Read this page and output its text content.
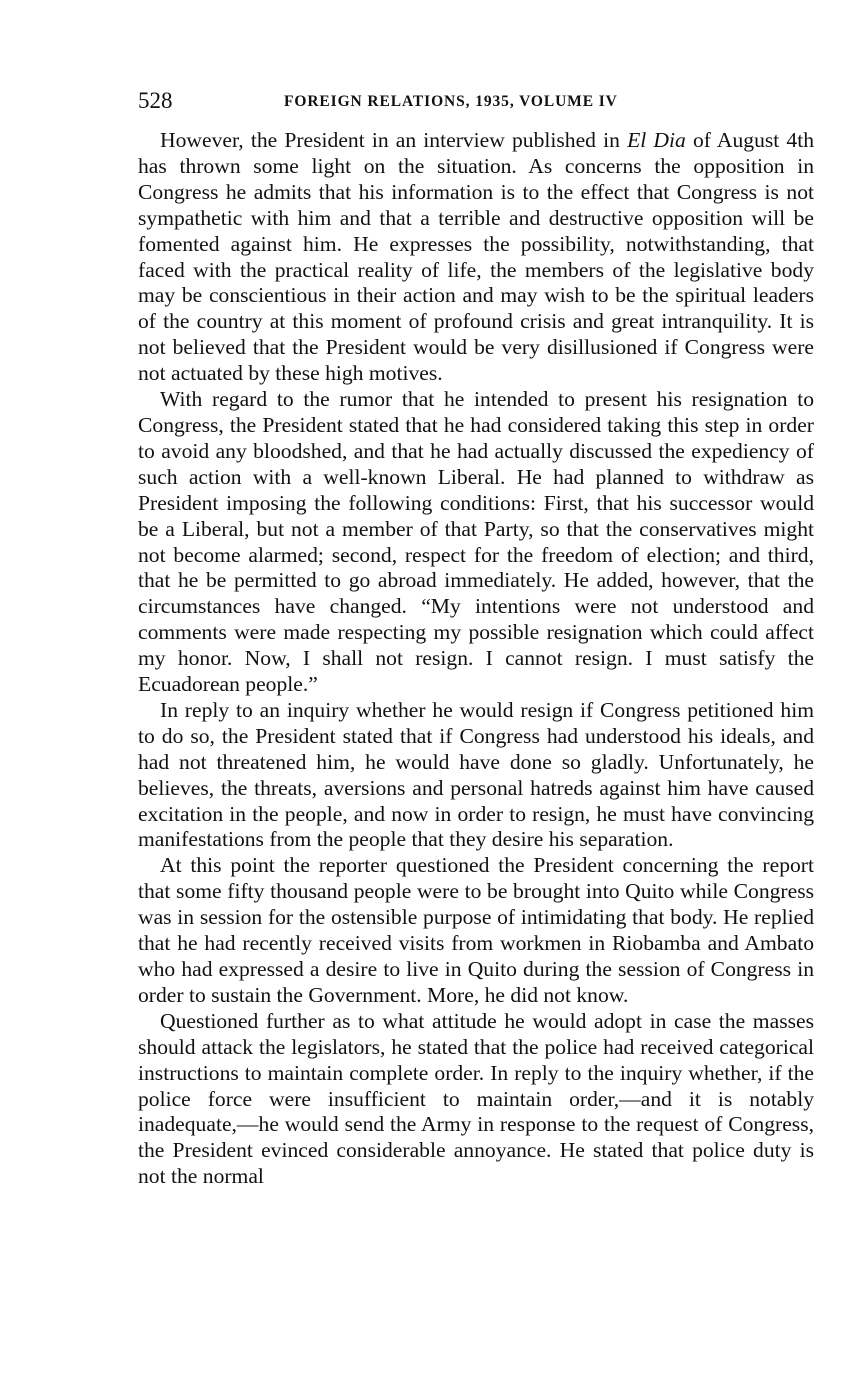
528	FOREIGN RELATIONS, 1935, VOLUME IV

However, the President in an interview published in El Dia of August 4th has thrown some light on the situation. As concerns the opposition in Congress he admits that his information is to the effect that Congress is not sympathetic with him and that a terrible and destructive opposition will be fomented against him. He expresses the possibility, notwithstanding, that faced with the practical reality of life, the members of the legislative body may be conscientious in their action and may wish to be the spiritual leaders of the country at this moment of profound crisis and great intranquility. It is not believed that the President would be very disillusioned if Congress were not actuated by these high motives.

With regard to the rumor that he intended to present his resignation to Congress, the President stated that he had considered taking this step in order to avoid any bloodshed, and that he had actually discussed the expediency of such action with a well-known Liberal. He had planned to withdraw as President imposing the following conditions: First, that his successor would be a Liberal, but not a member of that Party, so that the conservatives might not become alarmed; second, respect for the freedom of election; and third, that he be permitted to go abroad immediately. He added, however, that the circumstances have changed. “My intentions were not understood and comments were made respecting my possible resignation which could affect my honor. Now, I shall not resign. I cannot resign. I must satisfy the Ecuadorean people.”

In reply to an inquiry whether he would resign if Congress petitioned him to do so, the President stated that if Congress had understood his ideals, and had not threatened him, he would have done so gladly. Unfortunately, he believes, the threats, aversions and personal hatreds against him have caused excitation in the people, and now in order to resign, he must have convincing manifestations from the people that they desire his separation.

At this point the reporter questioned the President concerning the report that some fifty thousand people were to be brought into Quito while Congress was in session for the ostensible purpose of intimidating that body. He replied that he had recently received visits from workmen in Riobamba and Ambato who had expressed a desire to live in Quito during the session of Congress in order to sustain the Government. More, he did not know.

Questioned further as to what attitude he would adopt in case the masses should attack the legislators, he stated that the police had received categorical instructions to maintain complete order. In reply to the inquiry whether, if the police force were insufficient to maintain order,—and it is notably inadequate,—he would send the Army in response to the request of Congress, the President evinced considerable annoyance. He stated that police duty is not the normal
